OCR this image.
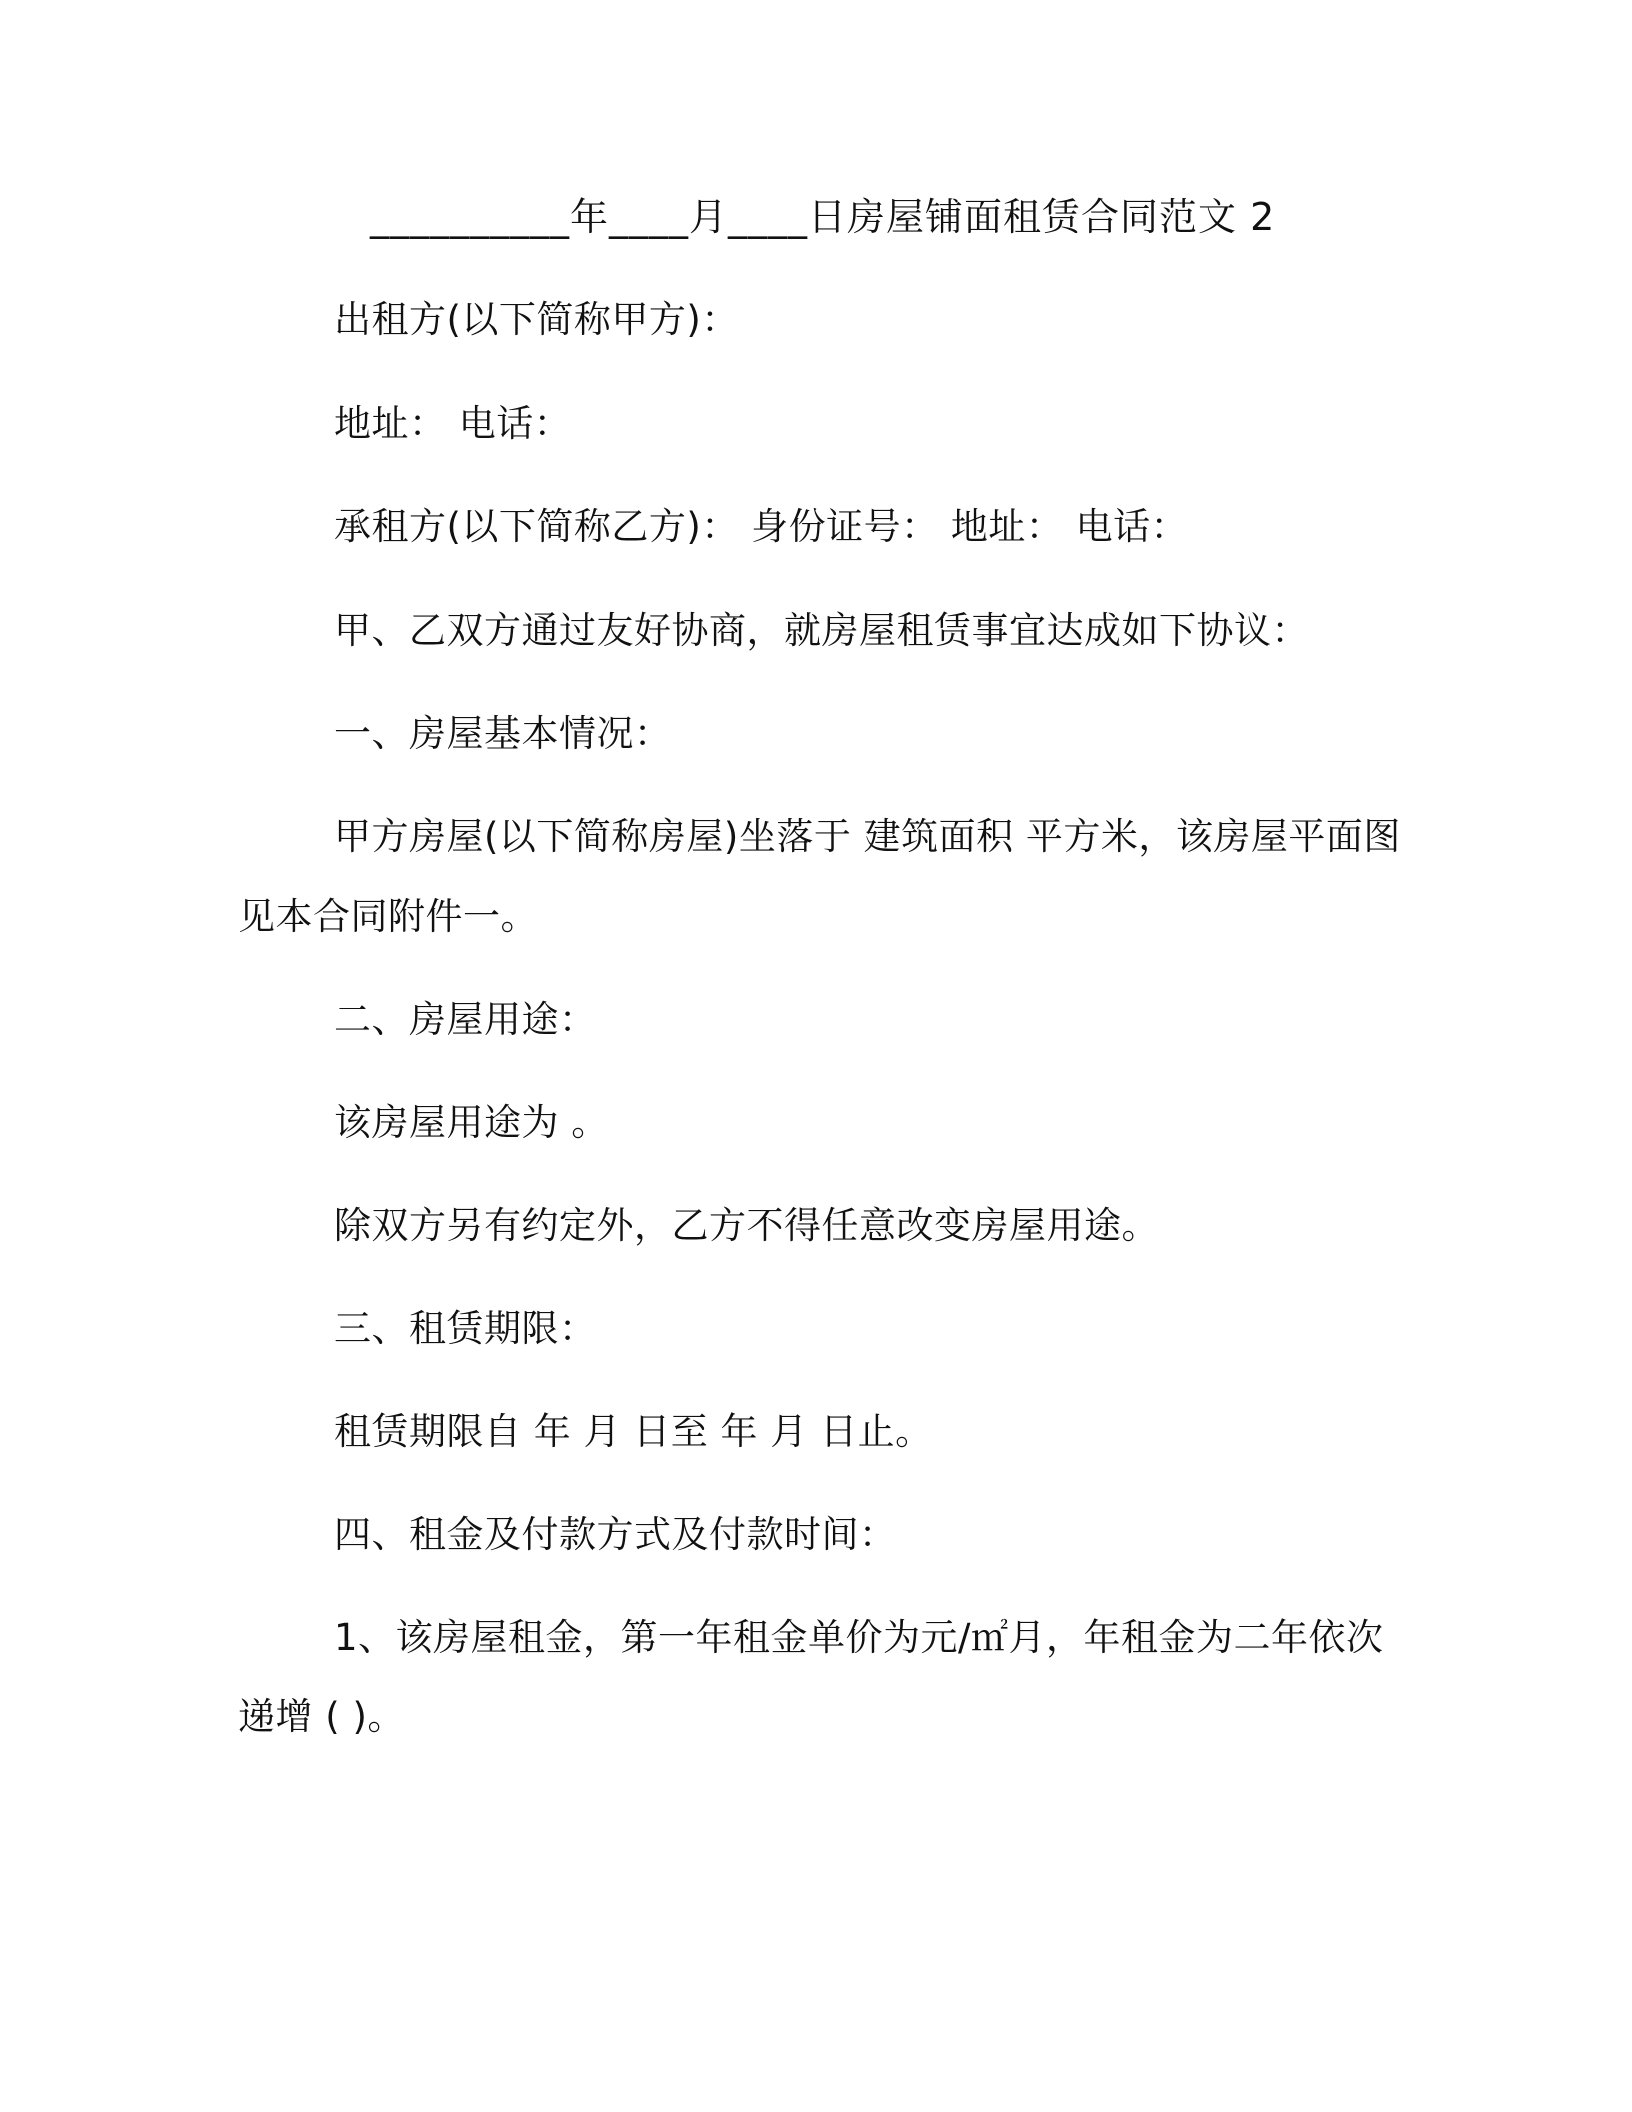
__________年____月____日房屋铺面租赁合同范文 2
出租方(以下简称甲方)：
地址： 电话：
承租方(以下简称乙方)： 身份证号： 地址： 电话：
甲、乙双方通过友好协商，就房屋租赁事宜达成如下协议：
一、房屋基本情况：
甲方房屋(以下简称房屋)坐落于 建筑面积 平方米，该房屋平面图
见本合同附件一。
二、房屋用途：
该房屋用途为 。
除双方另有约定外，乙方不得任意改变房屋用途。
三、租赁期限：
租赁期限自 年 月 日至 年 月 日止。
四、租金及付款方式及付款时间：
1、该房屋租金，第一年租金单价为元/㎡月，年租金为二年依次
递增 ( )。
